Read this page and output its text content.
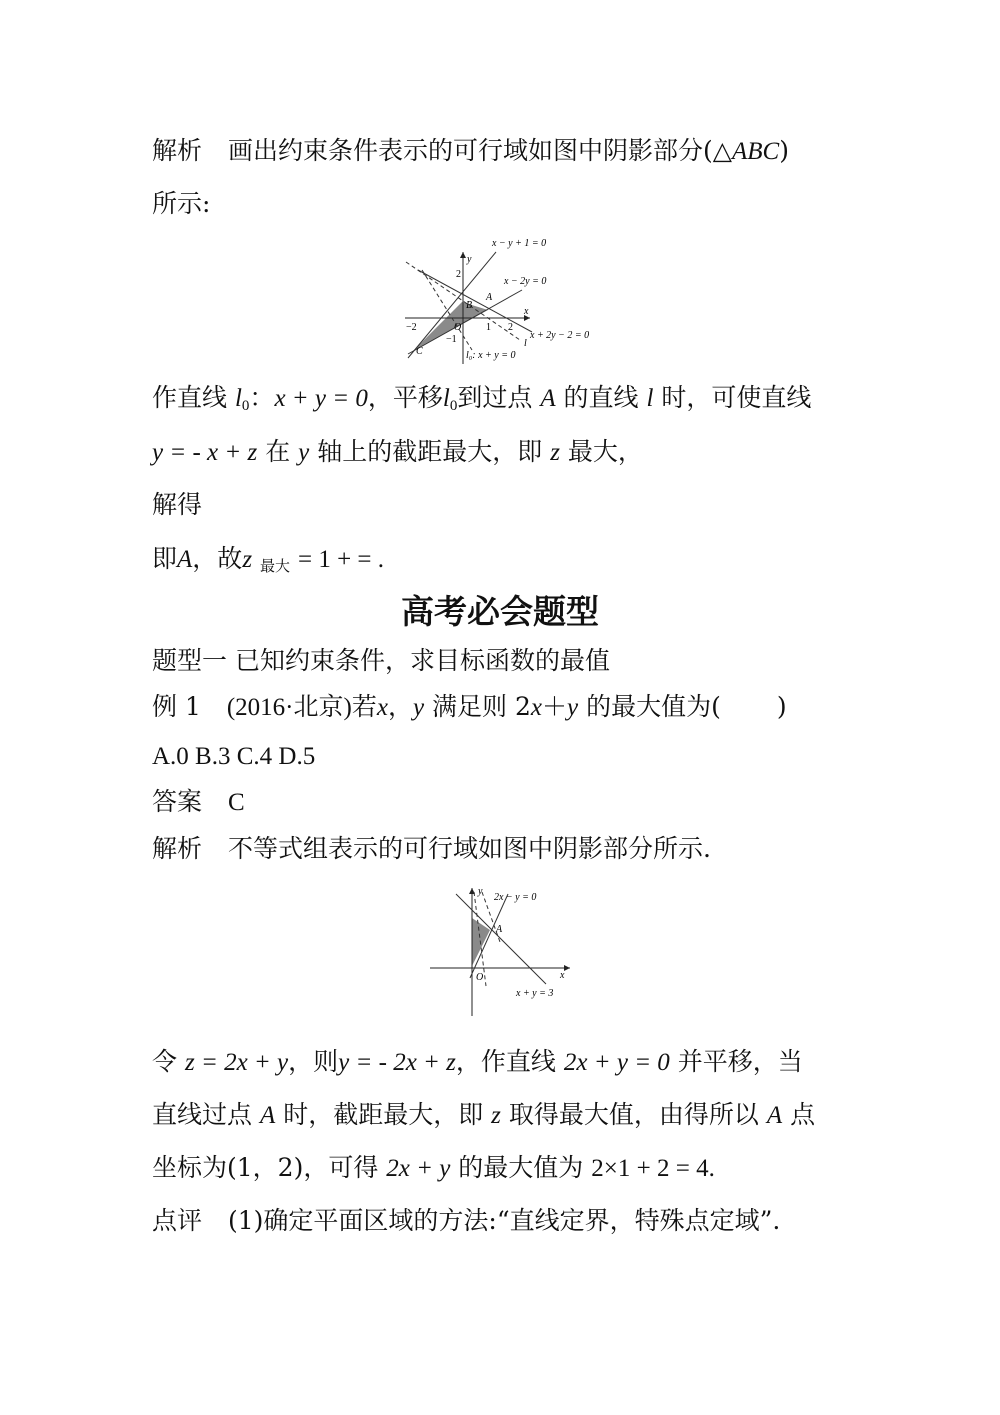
解析 画出约束条件表示的可行域如图中阴影部分(△ABC)
所示:
x − y + 1 = 0
x − 2y = 0
x + 2y − 2 = 0
l₀: x + y = 0
l
x
y
A
B
C
O
2
−1
−2	1 2
作直线 $l_0$：x + y = 0，平移$l_0$到过点 A 的直线 l 时，可使直线
y = - x + z 在 y 轴上的截距最大，即 z 最大，
解得
即A，故z $_{最大}$ = 1 + = .
高考必会题型
题型一 已知约束条件，求目标函数的最值
例 1 (2016·北京)若x，y 满足则 2x＋y 的最大值为( )
A.0 B.3 C.4 D.5
答案 C
解析 不等式组表示的可行域如图中阴影部分所示.
y
2x − y = 0
A
O	x
x + y = 3
令 z = 2x + y，则y = - 2x + z，作直线 2x + y = 0 并平移，当
直线过点 A 时，截距最大，即 z 取得最大值，由得所以 A 点
坐标为(1，2)，可得 2x + y 的最大值为 2×1 + 2 = 4.
点评 (1)确定平面区域的方法:“直线定界，特殊点定域”.
